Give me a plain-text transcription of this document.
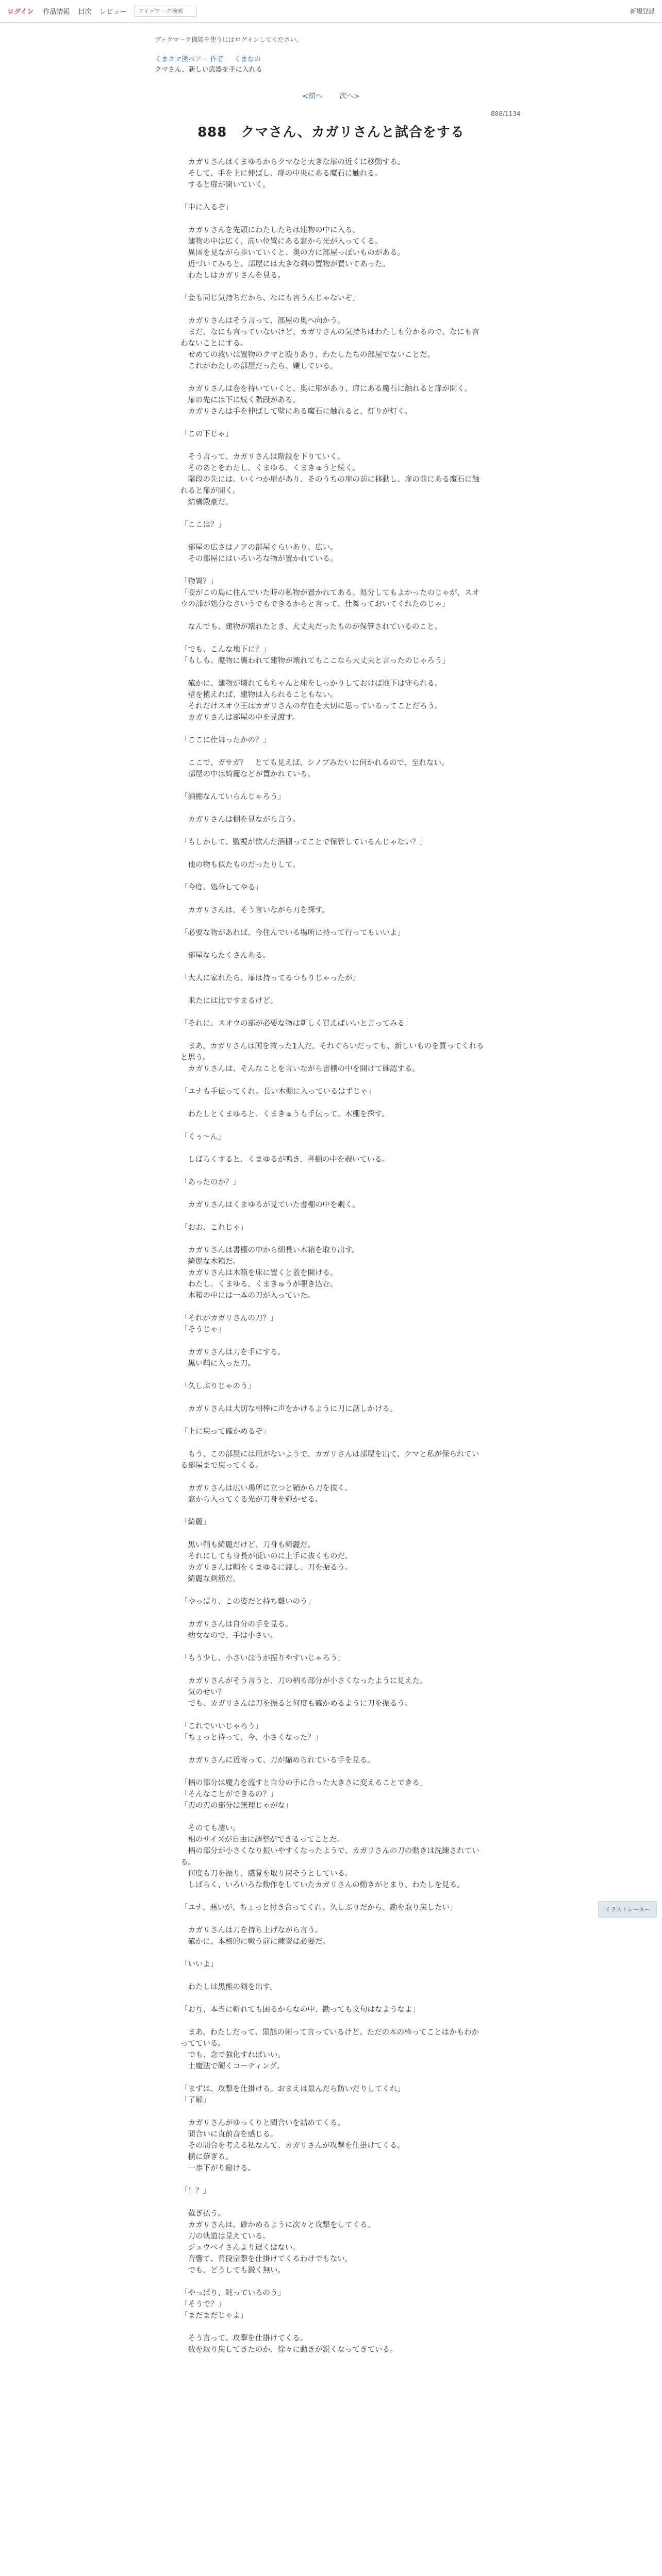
ログイン 作品情報 目次 レビュー
アイデアーク検索	新規登録
ブックマーク機能を使うにはログインしてください。
くまクマ熊ベアー 作者 くまなの
クマさん、新しい武器を手に入れる
<前へ 次へ>
888/1134
888　クマさん、カガリさんと試合をする

　カガリさんはくまゆるからクマなと大きな扉の近くに移動する。
　そして、手を上に伸ばし、扉の中央にある魔石に触れる。
　すると扉が開いていく。

「中に入るぞ」

　カガリさんを先頭にわたしたちは建物の中に入る。
　建物の中は広く、高い位置にある窓から光が入ってくる。
　異国を見ながら歩いていくと、奥の方に部屋っぽいものがある。
　近づいてみると、部屋には大きな剣の置物が置いてあった。
　わたしはカガリさんを見る。

「妾も同じ気持ちだから、なにも言うんじゃないぞ」

　カガリさんはそう言って、部屋の奥へ向かう。
　まだ、なにも言っていないけど、カガリさんの気持ちはわたしも分かるので、なにも言わないことにする。
　せめての救いは置物のクマと殴りあり、わたしたちの部屋でないことだ。
　これがわたしの部屋だったら、嫌している。

　カガリさんは巻を持いていくと、奥に扉があり、扉にある魔石に触れると扉が開く。
　扉の先には下に続く階段がある。
　カガリさんは手を伸ばして壁にある魔石に触れると、灯りが灯く。

「この下じゃ」

　そう言って、カガリさんは階段を下りていく。
　そのあとをわたし、くまゆる、くまきゅうと続く。
　階段の先には、いくつか扉があり、そのうちの扉の前に移動し、扉の前にある魔石に触れると扉が開く。
　結構殿豪だ。

「ここは？」

　部屋の広さはノアの部屋ぐらいあり、広い。
　その部屋にはいろいろな物が置かれている。

「物置？」
「妾がこの島に住んでいた時の私物が置かれてある。処分してもよかったのじゃが、スオウの部が処分なさいうでもできるからと言って、仕舞っておいてくれたのじゃ」

　なんでも、建物が壊れたとき、大丈夫だったものが保管されているのこと。

「でも、こんな地下に？」
「もしも、魔物に襲われて建物が壊れてもここなら大丈夫と言ったのじゃろう」

　確かに、建物が壊れてもちゃんと床をしっかりしておけば地下は守られる。
　壁を植えれば、建物は入られることもない。
　それだけスオウ王はカガリさんの存在を大切に思っているってことだろう。
　カガリさんは部屋の中を見渡す。

「ここに仕舞ったかの？」

　ここで、ガサガ？　とても見えば、シノブみたいに何かれるので、至れない。
　部屋の中は綺麗などが置かれている。

「酒棚なんていらんじゃろう」

　カガリさんは棚を見ながら言う。

「もしかして、監視が飲んだ酒棚ってことで保管しているんじゃない？」

　他の物も似たものだったりして。

「今度、処分してやる」

　カガリさんは、そう言いながら刀を探す。

「必要な物があれば、今住んでいる場所に持って行ってもいいよ」

　部屋ならたくさんある。

「大人に家れたら、扉は持ってるつもりじゃったが」

　来たには比ですまるけど。

「それに、スオウの部が必要な物は新しく買えばいいと言ってみる」

　まあ、カガリさんは国を救った1人だ。それぐらいだっても、新しいものを買ってくれると思う。
　カガリさんは、そんなことを言いながら書棚の中を開けて確認する。

「ユナも手伝ってくれ。長い木棚に入っているはずじゃ」

　わたしとくまゆると、くまきゅうも手伝って、木棚を探す。

「くぅ～ん」

　しばらくすると、くまゆるが鳴き、書棚の中を覗いている。

「あったのか？」

　カガリさんはくまゆるが見ていた書棚の中を覗く。

「おお、これじゃ」

　カガリさんは書棚の中から細長い木箱を取り出す。
　綺麗な木箱だ。
　カガリさんは木箱を床に置くと蓋を開ける。
　わたし、くまゆる、くまきゅうが覗き込む。
　木箱の中には一本の刀が入っていた。

「それがカガリさんの刀？」
「そうじゃ」

　カガリさんは刀を手にする。
　黒い鞘に入った刀。

「久しぶりじゃのう」

　カガリさんは大切な相棒に声をかけるように刀に話しかける。

「上に戻って確かめるぞ」

　もう、この部屋には用がないようで、カガリさんは部屋を出て、クマと私が保られている部屋まで戻ってくる。

　カガリさんは広い場所に立つと鞘から刀を抜く。
　窓から入ってくる光が刀身を輝かせる。

「綺麗」

　黒い鞘も綺麗だけど、刀身も綺麗だ。
　それにしても身長が低いのに上手に抜くものだ。
　カガリさんは鞘をくまゆるに渡し、刀を振るう。
　綺麗な剣筋だ。

「やっぱり、この姿だと持ち難いのう」

　カガリさんは自分の手を見る。
　幼女なので、手は小さい。

「もう少し、小さいほうが振りやすいじゃろう」

　カガリさんがそう言うと、刀の柄る部分が小さくなったように見えた。
　気のせい？
　でも、カガリさんは刀を振ると何度も確かめるように刀を振るう。

「これでいいじゃろう」
「ちょっと待って、今、小さくなった？」

　カガリさんに近寄って、刀が縮められている手を見る。

「柄の部分は魔力を流すと自分の手に合った大きさに変えることできる」
「そんなことができるの？」
「刃の刃の部分は無理じゃがな」

　そのても凄い。
　相のサイズが自由に調整ができるってことだ。
　柄の部分が小さくなり振いやすくなったようで、カガリさんの刀の動きは洗練されている。
　何度も刀を振り、感覚を取り戻そうとしている。
　しばらく、いろいろな動作をしていたカガリさんの動きがとまり、わたしを見る。

「ユナ、悪いが、ちょっと付き合ってくれ。久しぶりだから、勘を取り戻したい」

　カガリさんは刀を持ち上げながら言う。
　確かに、本格的に戦う前に練習は必要だ。

「いいよ」

　わたしは黒熊の剣を出す。

「お互、本当に斬れても困るからなの中、勘っても文句はなようなよ」

　まあ、わたしだって、黒熊の剣って言っているけど、ただの木の棒ってことはかもわかってている。
　でも、念で強化すればいい。
　土魔法で硬くコーティング。

「まずは、攻撃を仕掛ける。おまえは最んだら防いだりしてくれ」
「了解」

　カガリさんがゆっくりと間合いを詰めてくる。
　間合いに直前音を感じる。
　その間合を考える私なんて、カガリさんが攻撃を仕掛けてくる。
　横に薙ぎる。
　一歩下がり避ける。

「！？」

　薙ぎ払う。
　カガリさんは、確かめるように次々と攻撃をしてくる。
　刀の軌道は見えている。
　ジュウベイさんより遅くはない。
　音響て、普段宗撃を仕掛けてくるわけでもない。
　でも、どうしても鋭く無い。

「やっぱり、鈍っているのう」
「そうで？」
「まだまだじゃよ」

　そう言って、攻撃を仕掛けてくる。
　数を取り戻してきたのか、徐々に動きが鋭くなってきている。

イラストレーター
